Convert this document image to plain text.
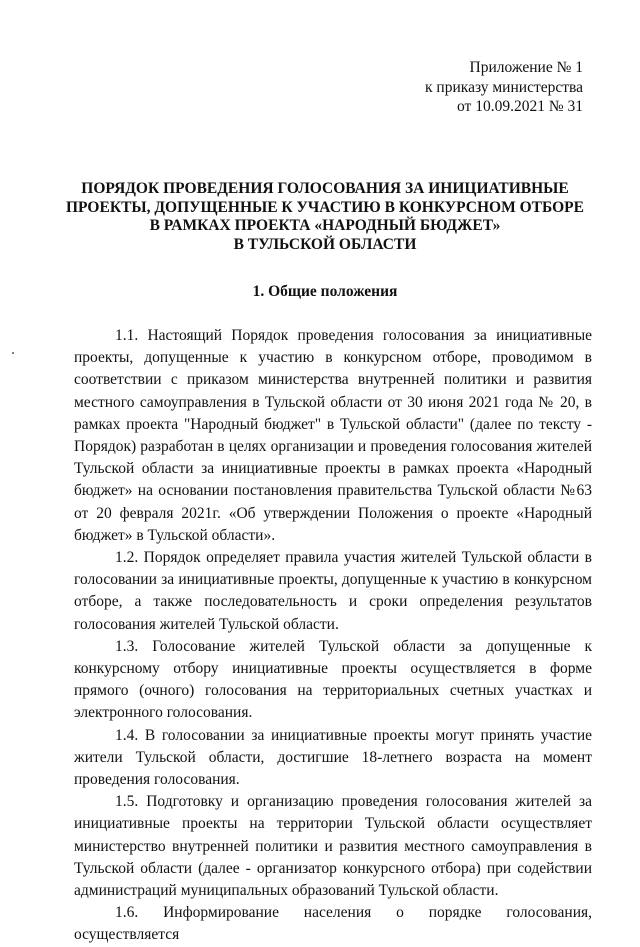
Приложение № 1
к приказу министерства
от 10.09.2021 № 31
ПОРЯДОК ПРОВЕДЕНИЯ ГОЛОСОВАНИЯ ЗА ИНИЦИАТИВНЫЕ
ПРОЕКТЫ, ДОПУЩЕННЫЕ К УЧАСТИЮ В КОНКУРСНОМ ОТБОРЕ
В РАМКАХ ПРОЕКТА «НАРОДНЫЙ БЮДЖЕТ»
В ТУЛЬСКОЙ ОБЛАСТИ
1. Общие положения

1.1. Настоящий Порядок проведения голосования за инициативные проекты, допущенные к участию в конкурсном отборе, проводимом в соответствии с приказом министерства внутренней политики и развития местного самоуправления в Тульской области от 30 июня 2021 года № 20, в рамках проекта "Народный бюджет" в Тульской области" (далее по тексту - Порядок) разработан в целях организации и проведения голосования жителей Тульской области за инициативные проекты в рамках проекта «Народный бюджет» на основании постановления правительства Тульской области №63 от 20 февраля 2021г. «Об утверждении Положения о проекте «Народный бюджет» в Тульской области».

1.2. Порядок определяет правила участия жителей Тульской области в голосовании за инициативные проекты, допущенные к участию в конкурсном отборе, а также последовательность и сроки определения результатов голосования жителей Тульской области.

1.3. Голосование жителей Тульской области за допущенные к конкурсному отбору инициативные проекты осуществляется в форме прямого (очного) голосования на территориальных счетных участках и электронного голосования.

1.4. В голосовании за инициативные проекты могут принять участие жители Тульской области, достигшие 18-летнего возраста на момент проведения голосования.

1.5. Подготовку и организацию проведения голосования жителей за инициативные проекты на территории Тульской области осуществляет министерство внутренней политики и развития местного самоуправления в Тульской области (далее - организатор конкурсного отбора) при содействии администраций муниципальных образований Тульской области.

1.6. Информирование населения о порядке голосования, осуществляется
